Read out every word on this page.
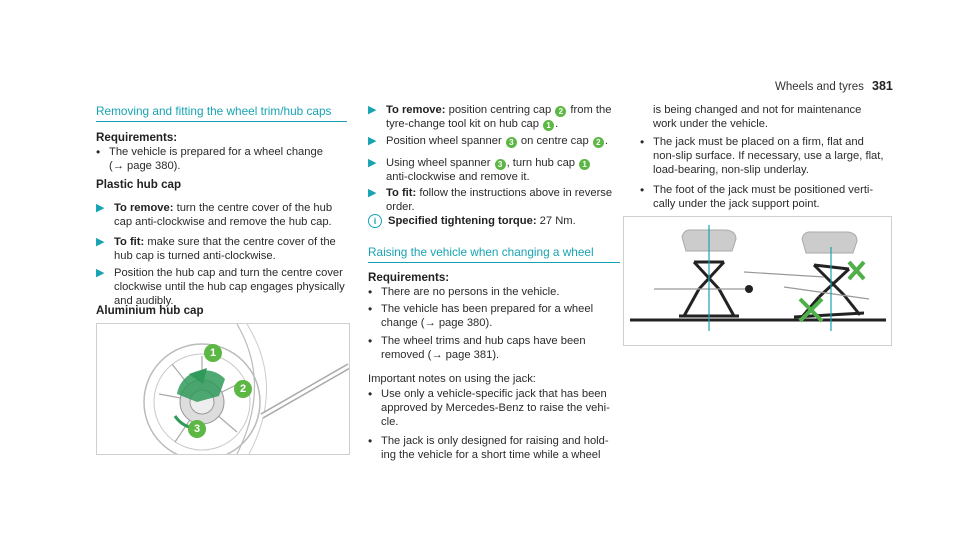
Wheels and tyres 381
Removing and fitting the wheel trim/hub caps
Requirements:
• The vehicle is prepared for a wheel change
(→ page 380).
Plastic hub cap
▶ To remove: turn the centre cover of the hub
cap anti-clockwise and remove the hub cap.
▶ To fit: make sure that the centre cover of the
hub cap is turned anti-clockwise.
▶ Position the hub cap and turn the centre cover
clockwise until the hub cap engages physically
and audibly.
Aluminium hub cap
1
2
3
▶ To remove: position centring cap 2 from the
tyre-change tool kit on hub cap 1 .
▶ Position wheel spanner 3 on centre cap 2 .
▶ Using wheel spanner 3 , turn hub cap 1
anti-clockwise and remove it.
▶ To fit: follow the instructions above in reverse
order.
i	Specified tightening torque: 27 Nm.
Raising the vehicle when changing a wheel
Requirements:
• There are no persons in the vehicle.
• The vehicle has been prepared for a wheel
change (→ page 380).
• The wheel trims and hub caps have been
removed (→ page 381).
Important notes on using the jack:
• Use only a vehicle-specific jack that has been
approved by Mercedes-Benz to raise the vehi-
cle.
• The jack is only designed for raising and hold-
ing the vehicle for a short time while a wheel
is being changed and not for maintenance
work under the vehicle.
• The jack must be placed on a firm, flat and
non-slip surface. If necessary, use a large, flat,
load-bearing, non-slip underlay.
• The foot of the jack must be positioned verti-
cally under the jack support point.
